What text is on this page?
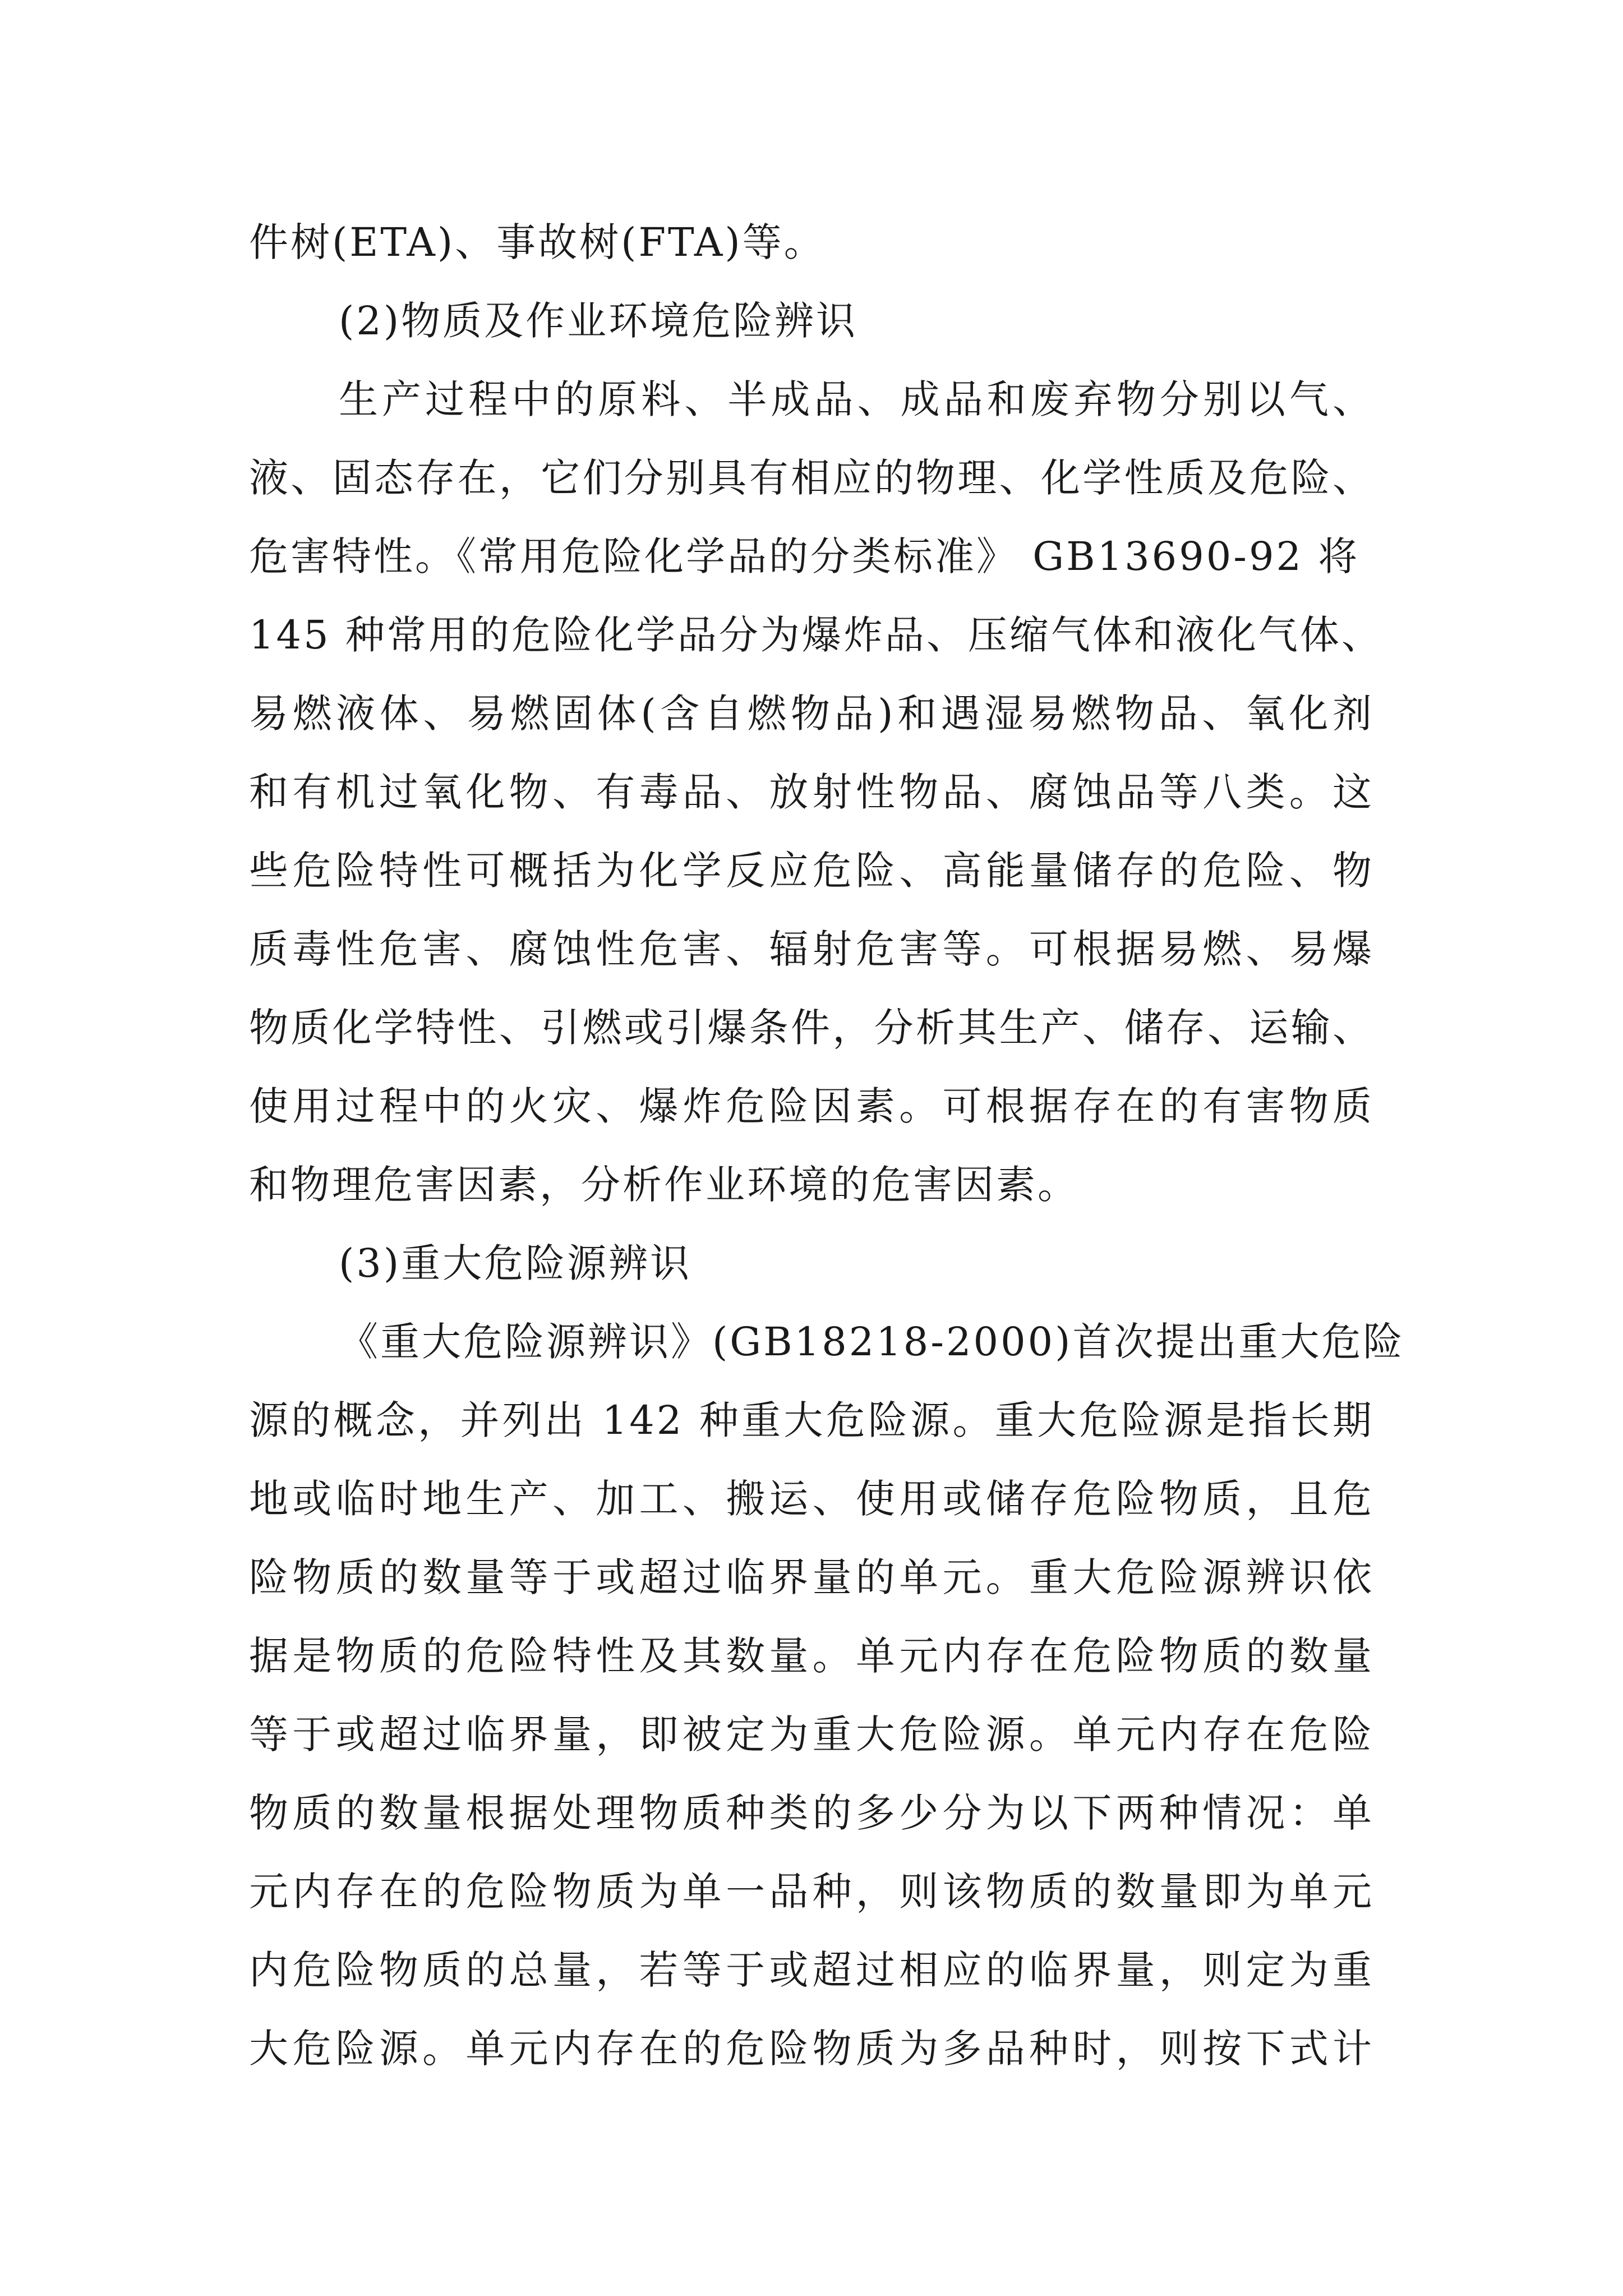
件树(ETA)、事故树(FTA)等。
(2)物质及作业环境危险辨识
生产过程中的原料、半成品、成品和废弃物分别以气、
液、固态存在，它们分别具有相应的物理、化学性质及危险、
危害特性。《常用危险化学品的分类标准》 GB13690-92 将
145 种常用的危险化学品分为爆炸品、压缩气体和液化气体、
易燃液体、易燃固体(含自燃物品)和遇湿易燃物品、氧化剂
和有机过氧化物、有毒品、放射性物品、腐蚀品等八类。这
些危险特性可概括为化学反应危险、高能量储存的危险、物
质毒性危害、腐蚀性危害、辐射危害等。可根据易燃、易爆
物质化学特性、引燃或引爆条件，分析其生产、储存、运输、
使用过程中的火灾、爆炸危险因素。可根据存在的有害物质
和物理危害因素，分析作业环境的危害因素。
(3)重大危险源辨识
《重大危险源辨识》(GB18218-2000)首次提出重大危险
源的概念，并列出 142 种重大危险源。重大危险源是指长期
地或临时地生产、加工、搬运、使用或储存危险物质，且危
险物质的数量等于或超过临界量的单元。重大危险源辨识依
据是物质的危险特性及其数量。单元内存在危险物质的数量
等于或超过临界量，即被定为重大危险源。单元内存在危险
物质的数量根据处理物质种类的多少分为以下两种情况：单
元内存在的危险物质为单一品种，则该物质的数量即为单元
内危险物质的总量，若等于或超过相应的临界量，则定为重
大危险源。单元内存在的危险物质为多品种时，则按下式计
